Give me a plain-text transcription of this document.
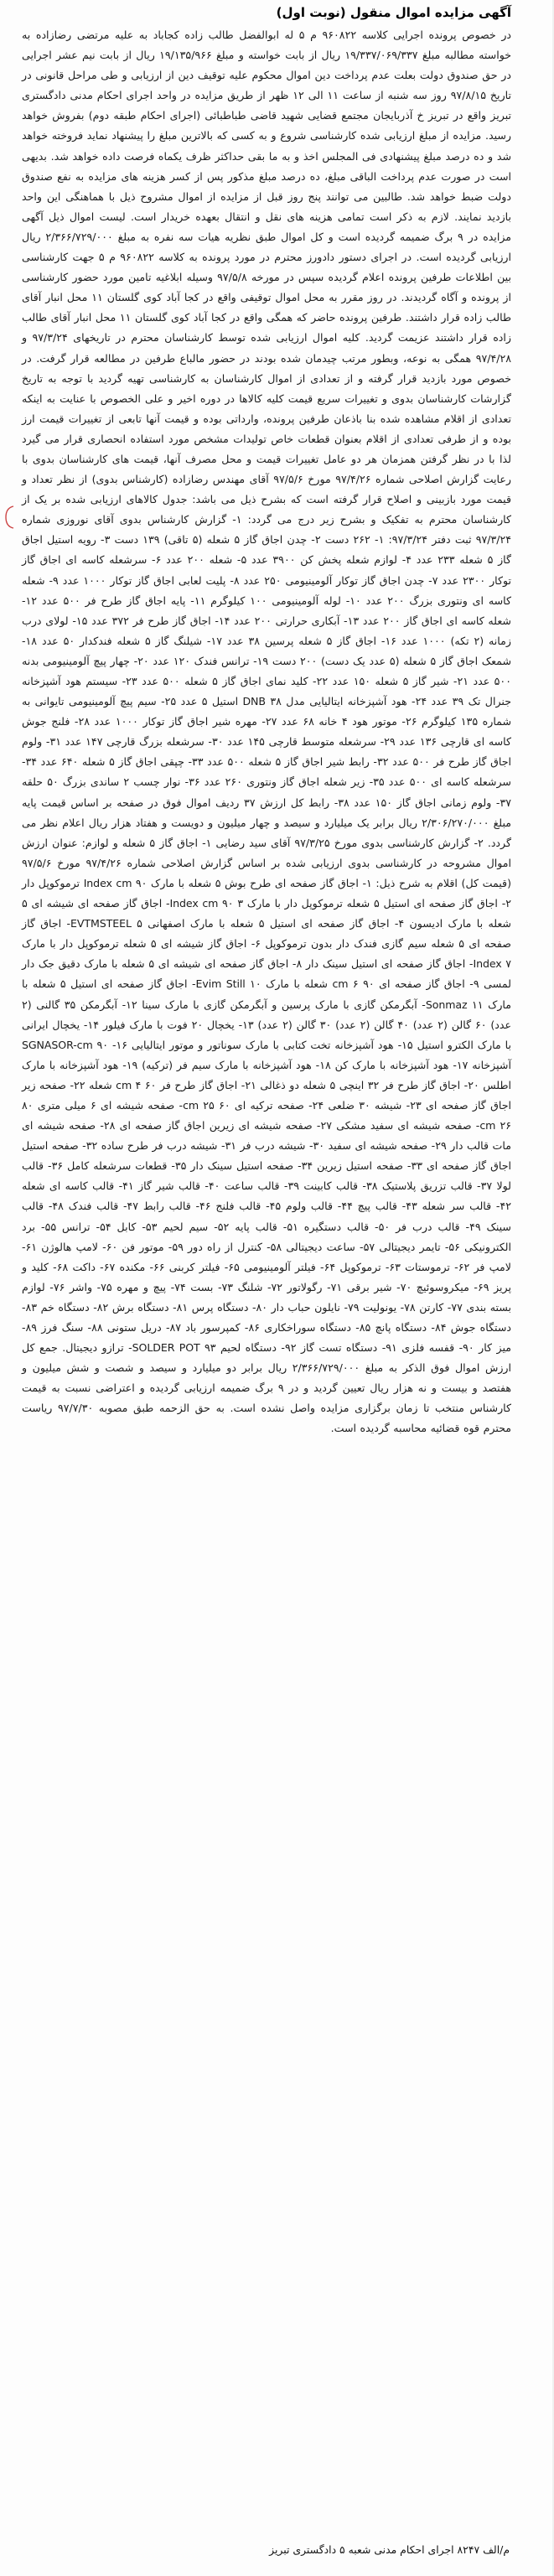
آگهی مزایده اموال منقول (نوبت اول)

در خصوص پرونده اجرایی کلاسه ۹۶۰۸۲۲ م ۵ له ابوالفضل طالب زاده کجاباد به علیه مرتضی رضازاده به خواسته مطالبه مبلغ ۱۹/۳۳۷/۰۶۹/۳۳۷ ریال از بابت خواسته و مبلغ ۱۹/۱۳۵/۹۶۶ ریال از بابت نیم عشر اجرایی در حق صندوق دولت بعلت عدم پرداخت دین اموال محکوم علیه توقیف دین از ارزیابی و طی مراحل قانونی در تاریخ ۹۷/۸/۱۵ روز سه شنبه از ساعت ۱۱ الی ۱۲ ظهر از طریق مزایده در واحد اجرای احکام مدنی دادگستری تبریز واقع در تبریز خ آذربایجان مجتمع قضایی شهید قاضی طباطبائی (اجرای احکام طبقه دوم) بفروش خواهد رسید. مزایده از مبلغ ارزیابی شده کارشناسی شروع و به کسی که بالاترین مبلغ را پیشنهاد نماید فروخته خواهد شد و ده درصد مبلغ پیشنهادی فی المجلس اخذ و به ما بقی حداکثر ظرف یکماه فرصت داده خواهد شد. بدیهی است در صورت عدم پرداخت الباقی مبلغ، ده درصد مبلغ مذکور پس از کسر هزینه های مزایده به نفع صندوق دولت ضبط خواهد شد. طالبین می توانند پنج روز قبل از مزایده از اموال مشروح ذیل با هماهنگی این واحد بازدید نمایند. لازم به ذکر است تمامی هزینه های نقل و انتقال بعهده خریدار است. لیست اموال ذیل آگهی مزایده در ۹ برگ ضمیمه گردیده است و کل اموال طبق نظریه هیات سه نفره به مبلغ ۲/۳۶۶/۷۲۹/۰۰۰ ریال ارزیابی گردیده است. در اجرای دستور دادورز محترم در مورد پرونده به کلاسه ۹۶۰۸۲۲ م ۵ جهت کارشناسی بین اطلاعات طرفین پرونده اعلام گردیده سپس در مورخه ۹۷/۵/۸ وسیله ابلاغیه تامین مورد حضور کارشناسی از پرونده و آگاه گردیدند. در روز مقرر به محل اموال توقیفی واقع در کجا آباد کوی گلستان ۱۱ محل انبار آقای طالب زاده قرار داشتند. طرفین پرونده حاضر که همگی واقع در کجا آباد کوی گلستان ۱۱ محل انبار آقای طالب زاده قرار داشتند عزیمت گردید. کلیه اموال ارزیابی شده توسط کارشناسان محترم در تاریخهای ۹۷/۳/۲۴ و ۹۷/۴/۲۸ همگی به نوعه، وبطور مرتب چیدمان شده بودند در حضور مالباع طرفین در مطالعه قرار گرفت. در خصوص مورد بازدید قرار گرفته و از تعدادی از اموال کارشناسان به کارشناسی تهیه گردید با توجه به تاریخ گزارشات کارشناسان بدوی و تغییرات سریع قیمت کلیه کالاها در دوره اخیر و علی الخصوص با عنایت به اینکه تعدادی از اقلام مشاهده شده بنا باذعان طرفین پرونده، وارداتی بوده و قیمت آنها تابعی از تغییرات قیمت ارز بوده و از طرفی تعدادی از اقلام بعنوان قطعات خاص تولیدات مشخص مورد استفاده انحصاری قرار می گیرد لذا با در نظر گرفتن همزمان هر دو عامل تغییرات قیمت و محل مصرف آنها، قیمت های کارشناسان بدوی با رعایت گزارش اصلاحی شماره ۹۷/۴/۲۶ مورخ ۹۷/۵/۶ آقای مهندس رضازاده (کارشناس بدوی) از نظر تعداد و قیمت مورد بازبینی و اصلاح قرار گرفته است که بشرح ذیل می باشد: جدول کالاهای ارزیابی شده بر یک از کارشناسان محترم به تفکیک و بشرح زیر درج می گردد: ۱- گزارش کارشناس بدوی آقای نوروزی شماره ۹۷/۳/۲۴ ثبت دفتر ۹۷/۳/۲۴: ۱- ۲۶۲ دست ۲- چدن اجاق گاز ۵ شعله (۵ تاقی) ۱۳۹ دست ۳- رویه استیل اجاق گاز ۵ شعله ۲۳۳ عدد ۴- لوازم شعله پخش کن ۳۹۰۰ عدد ۵- شعله ۲۰۰ عدد ۶- سرشعله کاسه ای اجاق گاز توکار ۲۳۰۰ عدد ۷- چدن اجاق گاز توکار آلومینیومی ۲۵۰ عدد ۸- پلیت لعابی اجاق گاز توکار ۱۰۰۰ عدد ۹- شعله کاسه ای ونتوری بزرگ ۲۰۰ عدد ۱۰- لوله آلومینیومی ۱۰۰ کیلوگرم ۱۱- پایه اجاق گاز طرح فر ۵۰۰ عدد ۱۲- شعله کاسه ای اجاق گاز ۲۰۰ عدد ۱۳- آبکاری حرارتی ۲۰۰ عدد ۱۴- اجاق گاز طرح فر ۳۷۲ عدد ۱۵- لولای درب زمانه (۲ تکه) ۱۰۰۰ عدد ۱۶- اجاق گاز ۵ شعله پرسین ۳۸ عدد ۱۷- شیلنگ گاز ۵ شعله فندکدار ۵۰ عدد ۱۸- شمعک اجاق گاز ۵ شعله (۵ عدد یک دست) ۲۰۰ دست ۱۹- ترانس فندک ۱۲۰ عدد ۲۰- چهار پیچ آلومینیومی بدنه ۵۰۰ عدد ۲۱- شیر گاز ۵ شعله ۱۵۰ عدد ۲۲- کلید نمای اجاق گاز ۵ شعله ۵۰۰ عدد ۲۳- سیستم هود آشپزخانه جنرال تک ۳۹ عدد ۲۴- هود آشپزخانه ایتالیایی مدل ۳۸ DNB استیل ۵ عدد ۲۵- سیم پیچ آلومینیومی تایوانی به شماره ۱۳۵ کیلوگرم ۲۶- موتور هود ۴ خانه ۶۸ عدد ۲۷- مهره شیر اجاق گاز توکار ۱۰۰۰ عدد ۲۸- فلنج جوش کاسه ای قارچی ۱۳۶ عدد ۲۹- سرشعله متوسط قارچی ۱۴۵ عدد ۳۰- سرشعله بزرگ قارچی ۱۴۷ عدد ۳۱- ولوم اجاق گاز طرح فر ۵۰۰ عدد ۳۲- رابط شیر اجاق گاز ۵ شعله ۵۰۰ عدد ۳۳- چپقی اجاق گاز ۵ شعله ۶۴۰ عدد ۳۴- سرشعله کاسه ای ۵۰۰ عدد ۳۵- زیر شعله اجاق گاز ونتوری ۲۶۰ عدد ۳۶- نوار چسب ۲ ساندی بزرگ ۵۰ حلقه ۳۷- ولوم زمانی اجاق گاز ۱۵۰ عدد ۳۸- رابط کل ارزش ۳۷ ردیف اموال فوق در صفحه بر اساس قیمت پایه مبلغ ۲/۳۰۶/۲۷۰/۰۰۰ ریال برابر یک میلیارد و سیصد و چهار میلیون و دویست و هفتاد هزار ریال اعلام نظر می گردد. ۲- گزارش کارشناسی بدوی مورخ ۹۷/۳/۲۵ آقای سید رضایی ۱- اجاق گاز ۵ شعله و لوازم: عنوان ارزش اموال مشروحه در کارشناسی بدوی ارزیابی شده بر اساس گزارش اصلاحی شماره ۹۷/۴/۲۶ مورخ ۹۷/۵/۶ (قیمت کل) اقلام به شرح ذیل: ۱- اجاق گاز صفحه ای طرح بوش ۵ شعله با مارک Index cm ۹۰ ترموکوپل دار ۲- اجاق گاز صفحه ای استیل ۵ شعله ترموکوپل دار با مارک Index cm ۹۰ ۳- اجاق گاز صفحه ای شیشه ای ۵ شعله با مارک ادیسون ۴- اجاق گاز صفحه ای استیل ۵ شعله با مارک اصفهانی EVTMSTEEL ۵- اجاق گاز صفحه ای ۵ شعله سیم گازی فندک دار بدون ترموکوپل ۶- اجاق گاز شیشه ای ۵ شعله ترموکوپل دار با مارک Index ۷- اجاق گاز صفحه ای استیل سینک دار ۸- اجاق گاز صفحه ای شیشه ای ۵ شعله با مارک دقیق جک دار لمسی ۹- اجاق گاز صفحه ای ۹۰ cm ۶ شعله با مارک Evim Still ۱۰- اجاق گاز صفحه ای استیل ۵ شعله با مارک Sonmaz ۱۱- آبگرمکن گازی با مارک پرسین و آبگرمکن گازی با مارک سینا ۱۲- آبگرمکن ۳۵ گالنی (۲ عدد) ۶۰ گالن (۲ عدد) ۴۰ گالن (۲ عدد) ۳۰ گالن (۲ عدد) ۱۳- یخچال ۲۰ فوت با مارک فیلور ۱۴- یخچال ایرانی با مارک الکترو استیل ۱۵- هود آشپزخانه تخت کتابی با مارک سوناتور و موتور ایتالیایی ۱۶- SGNASOR-cm ۹۰ آشپزخانه ۱۷- هود آشپزخانه با مارک کن ۱۸- هود آشپزخانه با مارک سیم فر (ترکیه) ۱۹- هود آشپزخانه با مارک اطلس ۲۰- اجاق گاز طرح فر ۳۲ اینچی ۵ شعله دو ذغالی ۲۱- اجاق گاز طرح فر ۶۰ cm ۴ شعله ۲۲- صفحه زیر اجاق گاز صفحه ای ۲۳- شیشه ۳۰ ضلعی ۲۴- صفحه ترکیه ای ۶۰ cm ۲۵- صفحه شیشه ای ۶ میلی متری ۸۰ cm ۲۶- صفحه شیشه ای سفید مشکی ۲۷- صفحه شیشه ای زیرین اجاق گاز صفحه ای ۲۸- صفحه شیشه ای مات قالب دار ۲۹- صفحه شیشه ای سفید ۳۰- شیشه درب فر ۳۱- شیشه درب فر طرح ساده ۳۲- صفحه استیل اجاق گاز صفحه ای ۳۳- صفحه استیل زیرین ۳۴- صفحه استیل سینک دار ۳۵- قطعات سرشعله کامل ۳۶- قالب لولا ۳۷- قالب تزریق پلاستیک ۳۸- قالب کابینت ۳۹- قالب ساعت ۴۰- قالب شیر گاز ۴۱- قالب کاسه ای شعله ۴۲- قالب سر شعله ۴۳- قالب پیچ ۴۴- قالب ولوم ۴۵- قالب فلنج ۴۶- قالب رابط ۴۷- قالب فندک ۴۸- قالب سینک ۴۹- قالب درب فر ۵۰- قالب دستگیره ۵۱- قالب پایه ۵۲- سیم لحیم ۵۳- کابل ۵۴- ترانس ۵۵- برد الکترونیکی ۵۶- تایمر دیجیتالی ۵۷- ساعت دیجیتالی ۵۸- کنترل از راه دور ۵۹- موتور فن ۶۰- لامپ هالوژن ۶۱- لامپ فر ۶۲- ترموستات ۶۳- ترموکوپل ۶۴- فیلتر آلومینیومی ۶۵- فیلتر کربنی ۶۶- مکنده ۶۷- داکت ۶۸- کلید و پریز ۶۹- میکروسوئیچ ۷۰- شیر برقی ۷۱- رگولاتور ۷۲- شلنگ ۷۳- بست ۷۴- پیچ و مهره ۷۵- واشر ۷۶- لوازم بسته بندی ۷۷- کارتن ۷۸- یونولیت ۷۹- نایلون حباب دار ۸۰- دستگاه پرس ۸۱- دستگاه برش ۸۲- دستگاه خم ۸۳- دستگاه جوش ۸۴- دستگاه پانچ ۸۵- دستگاه سوراخکاری ۸۶- کمپرسور باد ۸۷- دریل ستونی ۸۸- سنگ فرز ۸۹- میز کار ۹۰- قفسه فلزی ۹۱- دستگاه تست گاز ۹۲- دستگاه لحیم SOLDER POT ۹۳- ترازو دیجیتال. جمع کل ارزش اموال فوق الذکر به مبلغ ۲/۳۶۶/۷۲۹/۰۰۰ ریال برابر دو میلیارد و سیصد و شصت و شش میلیون و هفتصد و بیست و نه هزار ریال تعیین گردید و در ۹ برگ ضمیمه ارزیابی گردیده و اعتراضی نسبت به قیمت کارشناس منتخب تا زمان برگزاری مزایده واصل نشده است. به حق الزحمه طبق مصوبه ۹۷/۷/۳۰ ریاست محترم قوه قضائیه محاسبه گردیده است.

م/الف ۸۲۴۷ اجرای احکام مدنی شعبه ۵ دادگستری تبریز
